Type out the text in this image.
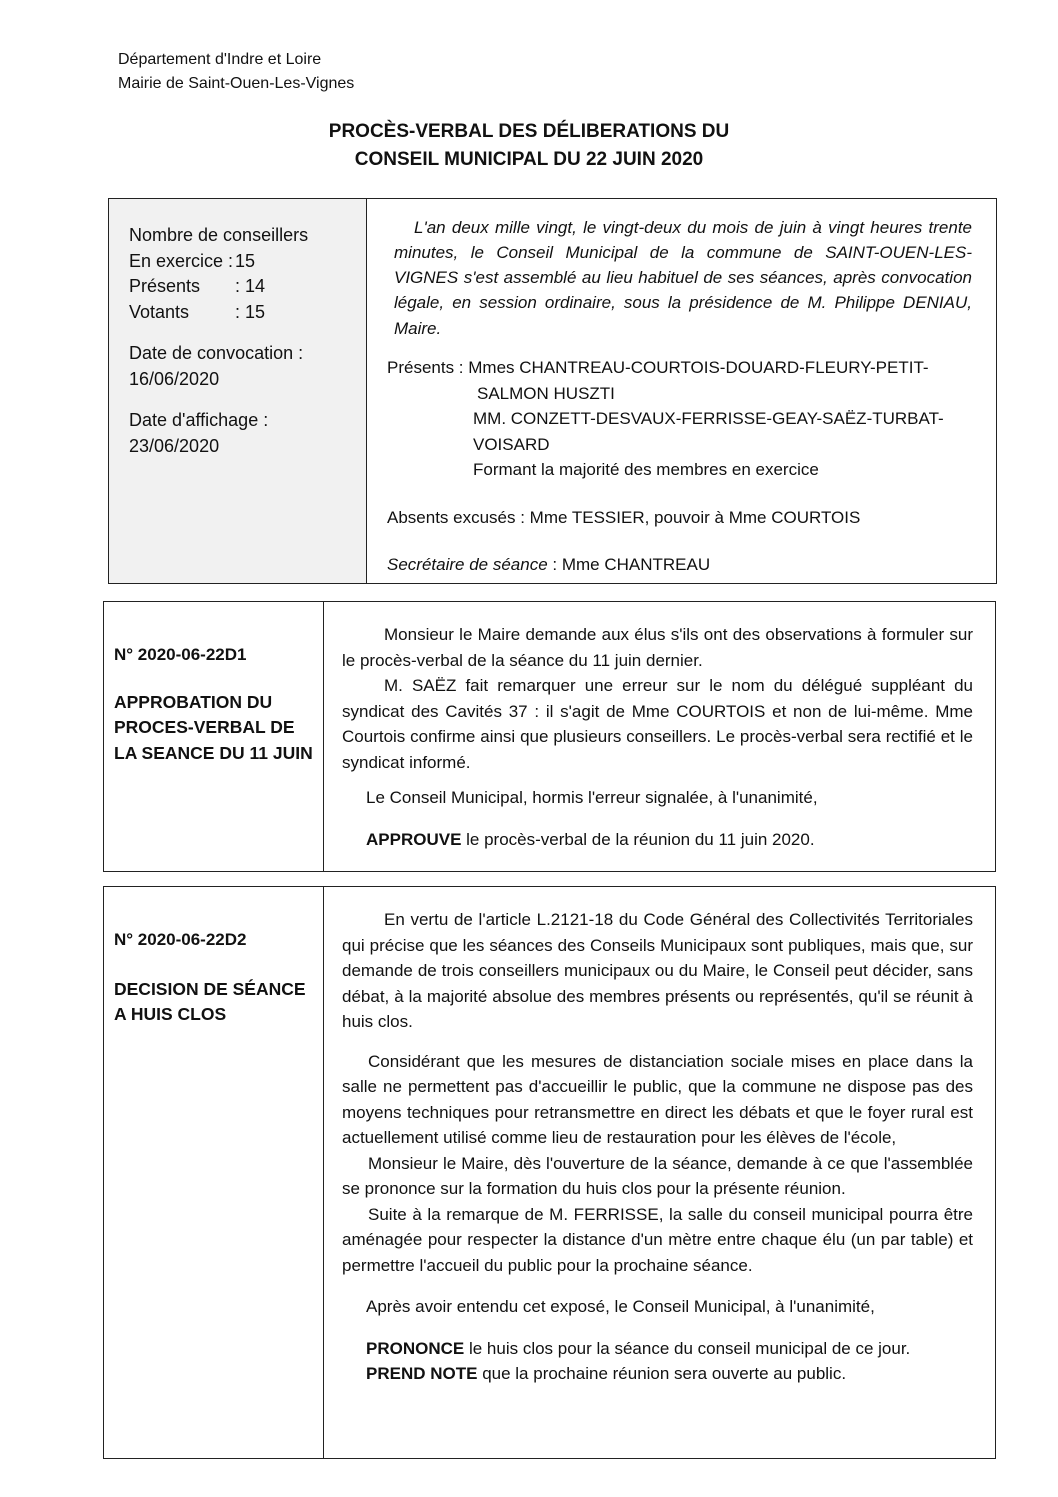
Département d'Indre et Loire
Mairie de Saint-Ouen-Les-Vignes
PROCÈS-VERBAL DES DÉLIBERATIONS DU
CONSEIL MUNICIPAL DU 22 JUIN 2020
Nombre de conseillers
En exercice : 15
Présents	: 14
Votants	: 15
Date de convocation :
16/06/2020
Date d'affichage :
23/06/2020
L'an deux mille vingt, le vingt-deux du mois de juin à vingt heures trente minutes, le Conseil Municipal de la commune de SAINT-OUEN-LES-VIGNES s'est assemblé au lieu habituel de ses séances, après convocation légale, en session ordinaire, sous la présidence de M. Philippe DENIAU, Maire.
Présents : Mmes CHANTREAU-COURTOIS-DOUARD-FLEURY-PETIT-
SALMON HUSZTI
MM. CONZETT-DESVAUX-FERRISSE-GEAY-SAËZ-TURBAT-
VOISARD
Formant la majorité des membres en exercice
Absents excusés : Mme TESSIER, pouvoir à Mme COURTOIS
Secrétaire de séance : Mme CHANTREAU
N° 2020-06-22D1
APPROBATION DU
PROCES-VERBAL DE
LA SEANCE DU 11 JUIN

Monsieur le Maire demande aux élus s'ils ont des observations à formuler sur le procès-verbal de la séance du 11 juin dernier.

M. SAËZ fait remarquer une erreur sur le nom du délégué suppléant du syndicat des Cavités 37 : il s'agit de Mme COURTOIS et non de lui-même. Mme Courtois confirme ainsi que plusieurs conseillers. Le procès-verbal sera rectifié et le syndicat informé.

Le Conseil Municipal, hormis l'erreur signalée, à l'unanimité,

APPROUVE le procès-verbal de la réunion du 11 juin 2020.

N° 2020-06-22D2
DECISION DE SÉANCE
A HUIS CLOS

En vertu de l'article L.2121-18 du Code Général des Collectivités Territoriales qui précise que les séances des Conseils Municipaux sont publiques, mais que, sur demande de trois conseillers municipaux ou du Maire, le Conseil peut décider, sans débat, à la majorité absolue des membres présents ou représentés, qu'il se réunit à huis clos.

Considérant que les mesures de distanciation sociale mises en place dans la salle ne permettent pas d'accueillir le public, que la commune ne dispose pas des moyens techniques pour retransmettre en direct les débats et que le foyer rural est actuellement utilisé comme lieu de restauration pour les élèves de l'école,

Monsieur le Maire, dès l'ouverture de la séance, demande à ce que l'assemblée se prononce sur la formation du huis clos pour la présente réunion.

Suite à la remarque de M. FERRISSE, la salle du conseil municipal pourra être aménagée pour respecter la distance d'un mètre entre chaque élu (un par table) et permettre l'accueil du public pour la prochaine séance.

Après avoir entendu cet exposé, le Conseil Municipal, à l'unanimité,

PRONONCE le huis clos pour la séance du conseil municipal de ce jour.

PREND NOTE que la prochaine réunion sera ouverte au public.
